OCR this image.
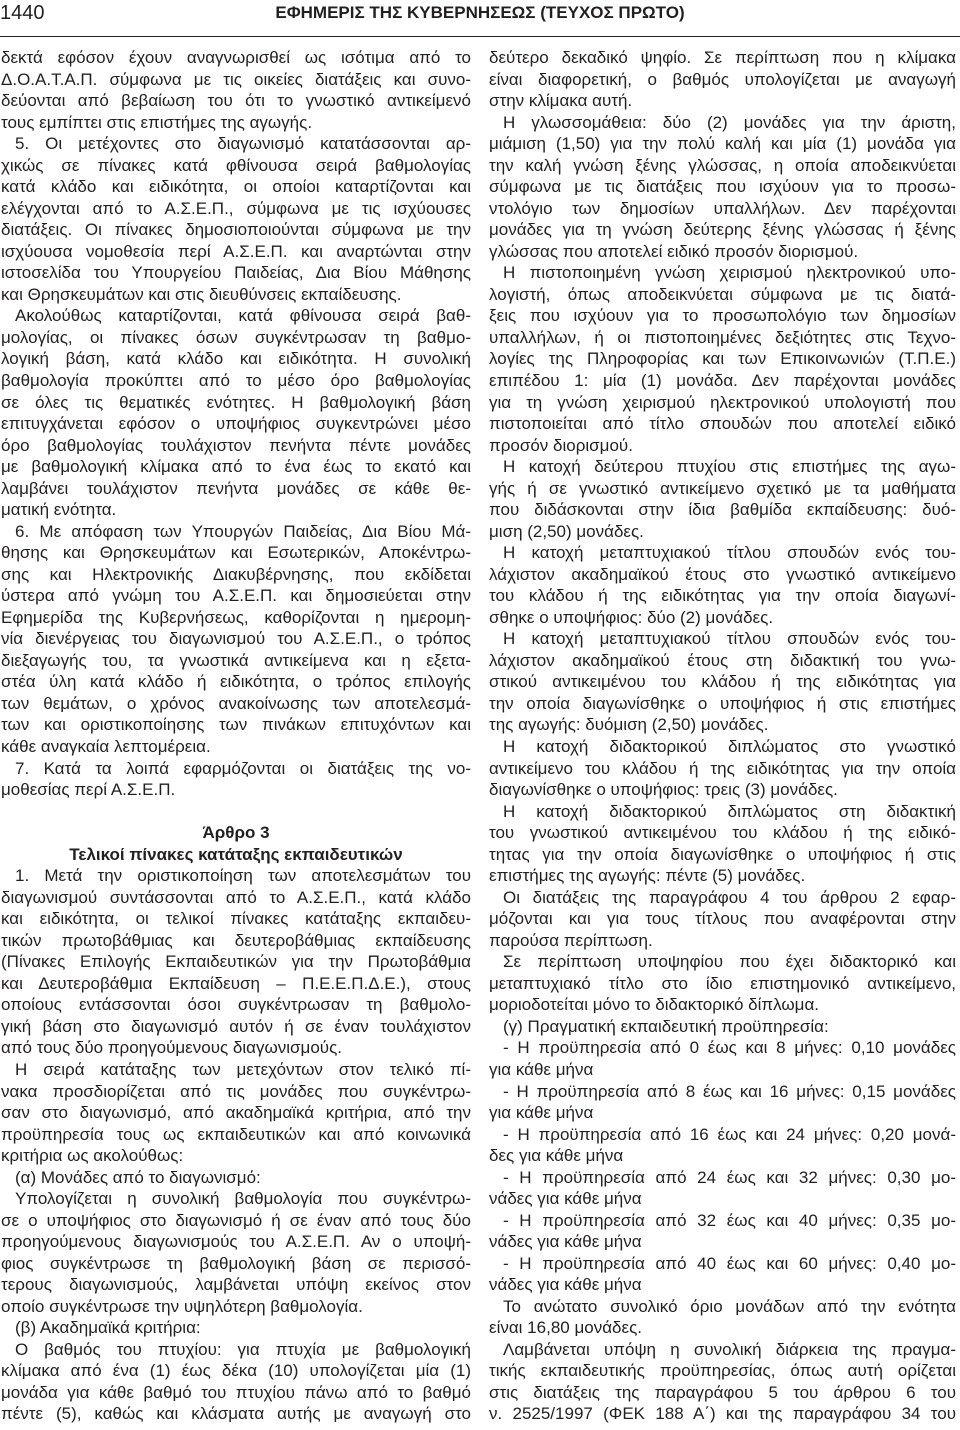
1440	ΕΦΗΜΕΡΙΣ ΤΗΣ ΚΥΒΕΡΝΗΣΕΩΣ (ΤΕΥΧΟΣ ΠΡΩΤΟ)
δεκτά εφόσον έχουν αναγνωρισθεί ως ισότιμα από το
Δ.Ο.Α.Τ.Α.Π. σύμφωνα με τις οικείες διατάξεις και συνο-
δεύονται από βεβαίωση του ότι το γνωστικό αντικείμενό
τους εμπίπτει στις επιστήμες της αγωγής.
5. Οι μετέχοντες στο διαγωνισμό κατατάσσονται αρ-
χικώς σε πίνακες κατά φθίνουσα σειρά βαθμολογίας
κατά κλάδο και ειδικότητα, οι οποίοι καταρτίζονται και
ελέγχονται από το Α.Σ.Ε.Π., σύμφωνα με τις ισχύουσες
διατάξεις. Οι πίνακες δημοσιοποιούνται σύμφωνα με την
ισχύουσα νομοθεσία περί Α.Σ.Ε.Π. και αναρτώνται στην
ιστοσελίδα του Υπουργείου Παιδείας, Δια Βίου Μάθησης
και Θρησκευμάτων και στις διευθύνσεις εκπαίδευσης.
Ακολούθως καταρτίζονται, κατά φθίνουσα σειρά βαθ-
μολογίας, οι πίνακες όσων συγκέντρωσαν τη βαθμο-
λογική βάση, κατά κλάδο και ειδικότητα. Η συνολική
βαθμολογία προκύπτει από το μέσο όρο βαθμολογίας
σε όλες τις θεματικές ενότητες. Η βαθμολογική βάση
επιτυγχάνεται εφόσον ο υποψήφιος συγκεντρώνει μέσο
όρο βαθμολογίας τουλάχιστον πενήντα πέντε μονάδες
με βαθμολογική κλίμακα από το ένα έως το εκατό και
λαμβάνει τουλάχιστον πενήντα μονάδες σε κάθε θε-
ματική ενότητα.
6. Με απόφαση των Υπουργών Παιδείας, Δια Βίου Μά-
θησης και Θρησκευμάτων και Εσωτερικών, Αποκέντρω-
σης και Ηλεκτρονικής Διακυβέρνησης, που εκδίδεται
ύστερα από γνώμη του Α.Σ.Ε.Π. και δημοσιεύεται στην
Εφημερίδα της Κυβερνήσεως, καθορίζονται η ημερομη-
νία διενέργειας του διαγωνισμού του Α.Σ.Ε.Π., ο τρόπος
διεξαγωγής του, τα γνωστικά αντικείμενα και η εξετα-
στέα ύλη κατά κλάδο ή ειδικότητα, ο τρόπος επιλογής
των θεμάτων, ο χρόνος ανακοίνωσης των αποτελεσμά-
των και οριστικοποίησης των πινάκων επιτυχόντων και
κάθε αναγκαία λεπτομέρεια.
7. Κατά τα λοιπά εφαρμόζονται οι διατάξεις της νο-
μοθεσίας περί Α.Σ.Ε.Π.
Άρθρο 3
Τελικοί πίνακες κατάταξης εκπαιδευτικών
1. Μετά την οριστικοποίηση των αποτελεσμάτων του
διαγωνισμού συντάσσονται από το Α.Σ.Ε.Π., κατά κλάδο
και ειδικότητα, οι τελικοί πίνακες κατάταξης εκπαιδευ-
τικών πρωτοβάθμιας και δευτεροβάθμιας εκπαίδευσης
(Πίνακες Επιλογής Εκπαιδευτικών για την Πρωτοβάθμια
και Δευτεροβάθμια Εκπαίδευση – Π.Ε.Ε.Π.Δ.Ε.), στους
οποίους εντάσσονται όσοι συγκέντρωσαν τη βαθμολο-
γική βάση στο διαγωνισμό αυτόν ή σε έναν τουλάχιστον
από τους δύο προηγούμενους διαγωνισμούς.
Η σειρά κατάταξης των μετεχόντων στον τελικό πί-
νακα προσδιορίζεται από τις μονάδες που συγκέντρω-
σαν στο διαγωνισμό, από ακαδημαϊκά κριτήρια, από την
προϋπηρεσία τους ως εκπαιδευτικών και από κοινωνικά
κριτήρια ως ακολούθως:
(α) Μονάδες από το διαγωνισμό:
Υπολογίζεται η συνολική βαθμολογία που συγκέντρω-
σε ο υποψήφιος στο διαγωνισμό ή σε έναν από τους δύο
προηγούμενους διαγωνισμούς του Α.Σ.Ε.Π. Αν ο υποψή-
φιος συγκέντρωσε τη βαθμολογική βάση σε περισσό-
τερους διαγωνισμούς, λαμβάνεται υπόψη εκείνος στον
οποίο συγκέντρωσε την υψηλότερη βαθμολογία.
(β) Ακαδημαϊκά κριτήρια:
Ο βαθμός του πτυχίου: για πτυχία με βαθμολογική
κλίμακα από ένα (1) έως δέκα (10) υπολογίζεται μία (1)
μονάδα για κάθε βαθμό του πτυχίου πάνω από το βαθμό
πέντε (5), καθώς και κλάσματα αυτής με αναγωγή στο
δεύτερο δεκαδικό ψηφίο. Σε περίπτωση που η κλίμακα
είναι διαφορετική, ο βαθμός υπολογίζεται με αναγωγή
στην κλίμακα αυτή.
Η γλωσσομάθεια: δύο (2) μονάδες για την άριστη,
μιάμιση (1,50) για την πολύ καλή και μία (1) μονάδα για
την καλή γνώση ξένης γλώσσας, η οποία αποδεικνύεται
σύμφωνα με τις διατάξεις που ισχύουν για το προσω-
ντολόγιο των δημοσίων υπαλλήλων. Δεν παρέχονται
μονάδες για τη γνώση δεύτερης ξένης γλώσσας ή ξένης
γλώσσας που αποτελεί ειδικό προσόν διορισμού.
Η πιστοποιημένη γνώση χειρισμού ηλεκτρονικού υπο-
λογιστή, όπως αποδεικνύεται σύμφωνα με τις διατά-
ξεις που ισχύουν για το προσωπολόγιο των δημοσίων
υπαλλήλων, ή οι πιστοποιημένες δεξιότητες στις Τεχνο-
λογίες της Πληροφορίας και των Επικοινωνιών (Τ.Π.Ε.)
επιπέδου 1: μία (1) μονάδα. Δεν παρέχονται μονάδες
για τη γνώση χειρισμού ηλεκτρονικού υπολογιστή που
πιστοποιείται από τίτλο σπουδών που αποτελεί ειδικό
προσόν διορισμού.
Η κατοχή δεύτερου πτυχίου στις επιστήμες της αγω-
γής ή σε γνωστικό αντικείμενο σχετικό με τα μαθήματα
που διδάσκονται στην ίδια βαθμίδα εκπαίδευσης: δυό-
μιση (2,50) μονάδες.
Η κατοχή μεταπτυχιακού τίτλου σπουδών ενός του-
λάχιστον ακαδημαϊκού έτους στο γνωστικό αντικείμενο
του κλάδου ή της ειδικότητας για την οποία διαγωνί-
σθηκε ο υποψήφιος: δύο (2) μονάδες.
Η κατοχή μεταπτυχιακού τίτλου σπουδών ενός του-
λάχιστον ακαδημαϊκού έτους στη διδακτική του γνω-
στικού αντικειμένου του κλάδου ή της ειδικότητας για
την οποία διαγωνίσθηκε ο υποψήφιος ή στις επιστήμες
της αγωγής: δυόμιση (2,50) μονάδες.
Η κατοχή διδακτορικού διπλώματος στο γνωστικό
αντικείμενο του κλάδου ή της ειδικότητας για την οποία
διαγωνίσθηκε ο υποψήφιος: τρεις (3) μονάδες.
Η κατοχή διδακτορικού διπλώματος στη διδακτική
του γνωστικού αντικειμένου του κλάδου ή της ειδικό-
τητας για την οποία διαγωνίσθηκε ο υποψήφιος ή στις
επιστήμες της αγωγής: πέντε (5) μονάδες.
Οι διατάξεις της παραγράφου 4 του άρθρου 2 εφαρ-
μόζονται και για τους τίτλους που αναφέρονται στην
παρούσα περίπτωση.
Σε περίπτωση υποψηφίου που έχει διδακτορικό και
μεταπτυχιακό τίτλο στο ίδιο επιστημονικό αντικείμενο,
μοριοδοτείται μόνο το διδακτορικό δίπλωμα.
(γ) Πραγματική εκπαιδευτική προϋπηρεσία:
- Η προϋπηρεσία από 0 έως και 8 μήνες: 0,10 μονάδες
για κάθε μήνα
- Η προϋπηρεσία από 8 έως και 16 μήνες: 0,15 μονάδες
για κάθε μήνα
- Η προϋπηρεσία από 16 έως και 24 μήνες: 0,20 μονά-
δες για κάθε μήνα
- Η προϋπηρεσία από 24 έως και 32 μήνες: 0,30 μο-
νάδες για κάθε μήνα
- Η προϋπηρεσία από 32 έως και 40 μήνες: 0,35 μο-
νάδες για κάθε μήνα
- Η προϋπηρεσία από 40 έως και 60 μήνες: 0,40 μο-
νάδες για κάθε μήνα
Το ανώτατο συνολικό όριο μονάδων από την ενότητα
είναι 16,80 μονάδες.
Λαμβάνεται υπόψη η συνολική διάρκεια της πραγμα-
τικής εκπαιδευτικής προϋπηρεσίας, όπως αυτή ορίζεται
στις διατάξεις της παραγράφου 5 του άρθρου 6 του
ν. 2525/1997 (ΦΕΚ 188 Α΄) και της παραγράφου 34 του
